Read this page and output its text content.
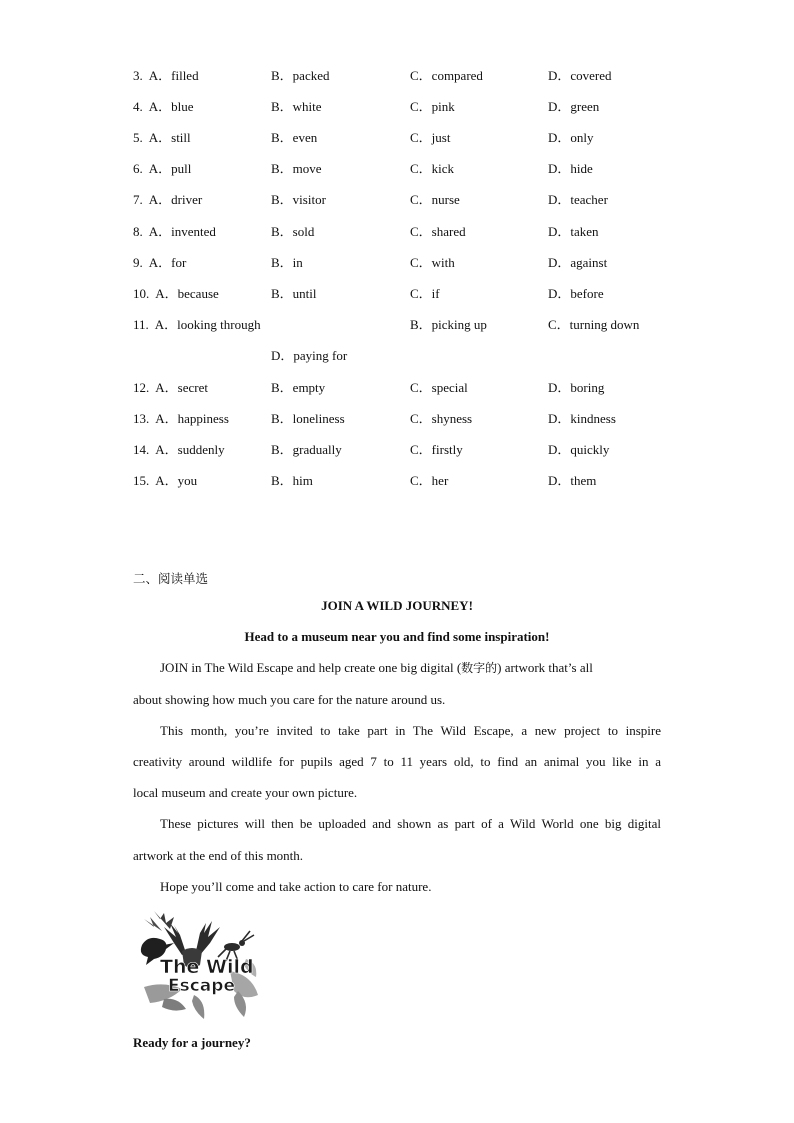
3. A．filled	B．packed	C．compared	D．covered
4. A．blue	B．white	C．pink	D．green
5. A．still	B．even	C．just	D．only
6. A．pull	B．move	C．kick	D．hide
7. A．driver	B．visitor	C．nurse	D．teacher
8. A．invented	B．sold	C．shared	D．taken
9. A．for	B．in	C．with	D．against
10. A．because	B．until	C．if	D．before
11. A．looking through	B．picking up	C．turning down
D．paying for
12. A．secret	B．empty	C．special	D．boring
13. A．happiness	B．loneliness	C．shyness	D．kindness
14. A．suddenly	B．gradually	C．firstly	D．quickly
15. A．you	B．him	C．her	D．them
二、阅读单选
JOIN A WILD JOURNEY!
Head to a museum near you and find some inspiration!
JOIN in The Wild Escape and help create one big digital (数字的) artwork that’s all
about showing how much you care for the nature around us.
This month, you’re invited to take part in The Wild Escape, a new project to inspire
creativity around wildlife for pupils aged 7 to 11 years old, to find an animal you like in a
local museum and create your own picture.
These pictures will then be uploaded and shown as part of a Wild World one big digital
artwork at the end of this month.
Hope you’ll come and take action to care for nature.
The Wild
Escape
Ready for a journey?
